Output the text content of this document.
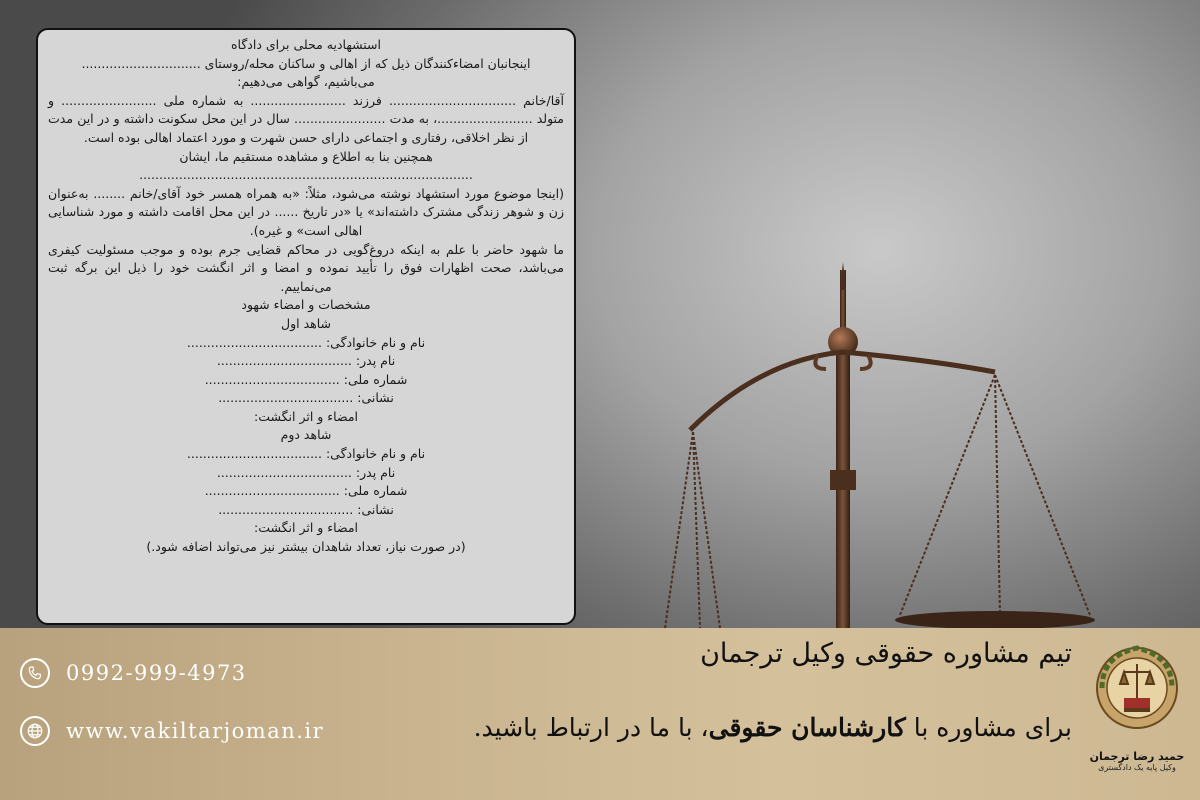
استشهادیه محلی برای دادگاه

اینجانبان امضاءکنندگان ذیل که از اهالی و ساکنان محله/روستای ..............................

می‌باشیم، گواهی می‌دهیم:

آقا/خانم ................................ فرزند ........................ به شماره ملی ........................ و متولد ........................، به مدت ....................... سال در این محل سکونت داشته و در این مدت از نظر اخلاقی، رفتاری و اجتماعی دارای حسن شهرت و مورد اعتماد اهالی بوده است.

همچنین بنا به اطلاع و مشاهده مستقیم ما، ایشان

....................................................................................

(اینجا موضوع مورد استشهاد نوشته می‌شود، مثلاً: «به همراه همسر خود آقای/خانم ........ به‌عنوان زن و شوهر زندگی مشترک داشته‌اند» یا «در تاریخ ...... در این محل اقامت داشته و مورد شناسایی اهالی است» و غیره).

ما شهود حاضر با علم به اینکه دروغ‌گویی در محاکم قضایی جرم بوده و موجب مسئولیت کیفری می‌باشد، صحت اظهارات فوق را تأیید نموده و امضا و اثر انگشت خود را ذیل این برگه ثبت می‌نماییم.

مشخصات و امضاء شهود

شاهد اول

نام و نام خانوادگی: ..................................

نام پدر: ..................................

شماره ملی: ..................................

نشانی: ..................................

امضاء و اثر انگشت:

شاهد دوم

نام و نام خانوادگی: ..................................

نام پدر: ..................................

شماره ملی: ..................................

نشانی: ..................................

امضاء و اثر انگشت:

(در صورت نیاز، تعداد شاهدان بیشتر نیز می‌تواند اضافه شود.)

0992-999-4973
www.vakiltarjoman.ir
تیم مشاوره حقوقی وکیل ترجمان
برای مشاوره با کارشناسان حقوقی، با ما در ارتباط باشید.
حمید رضا ترجمان
وکیل پایه یک دادگستری
